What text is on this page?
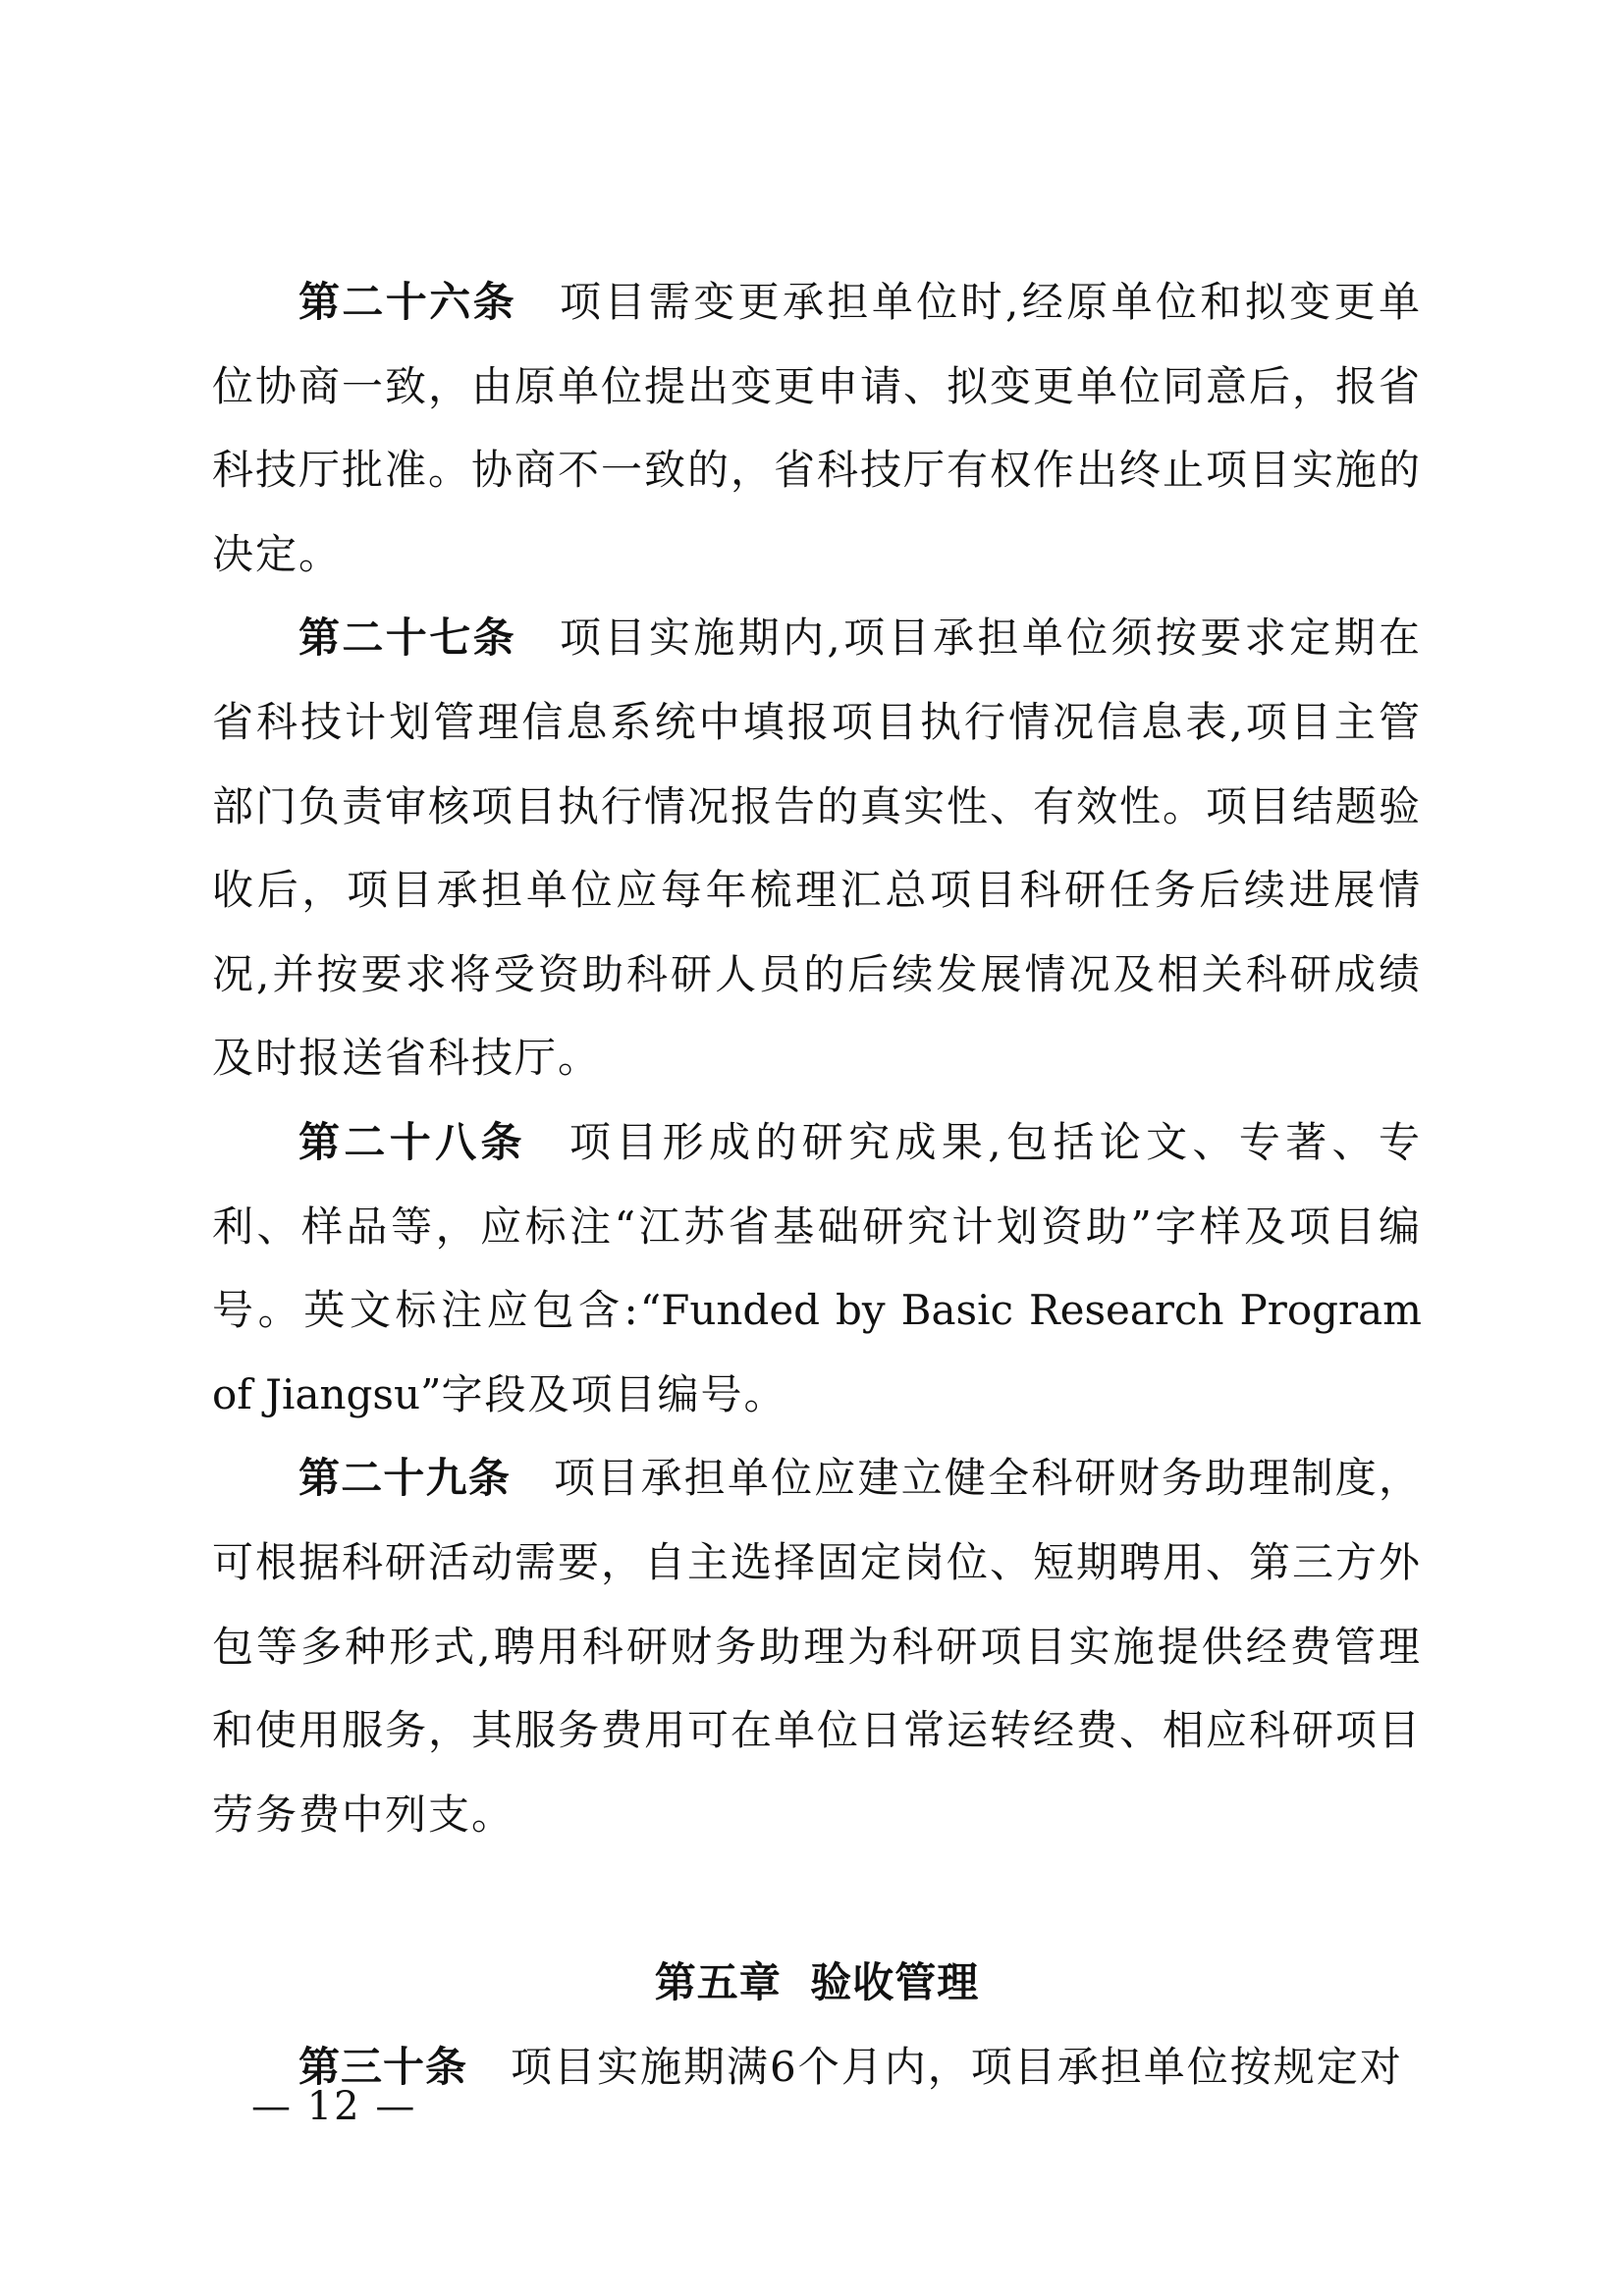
第二十六条 项目需变更承担单位时,经原单位和拟变更单位协商一致，由原单位提出变更申请、拟变更单位同意后，报省科技厅批准。协商不一致的，省科技厅有权作出终止项目实施的决定。

第二十七条 项目实施期内,项目承担单位须按要求定期在省科技计划管理信息系统中填报项目执行情况信息表,项目主管部门负责审核项目执行情况报告的真实性、有效性。项目结题验收后，项目承担单位应每年梳理汇总项目科研任务后续进展情况,并按要求将受资助科研人员的后续发展情况及相关科研成绩及时报送省科技厅。

第二十八条 项目形成的研究成果,包括论文、专著、专利、样品等，应标注“江苏省基础研究计划资助”字样及项目编号。英文标注应包含:“Funded by Basic Research Program of Jiangsu”字段及项目编号。

第二十九条 项目承担单位应建立健全科研财务助理制度，可根据科研活动需要，自主选择固定岗位、短期聘用、第三方外包等多种形式,聘用科研财务助理为科研项目实施提供经费管理和使用服务，其服务费用可在单位日常运转经费、相应科研项目劳务费中列支。

第五章 验收管理

第三十条 项目实施期满6个月内，项目承担单位按规定对

— 12 —
